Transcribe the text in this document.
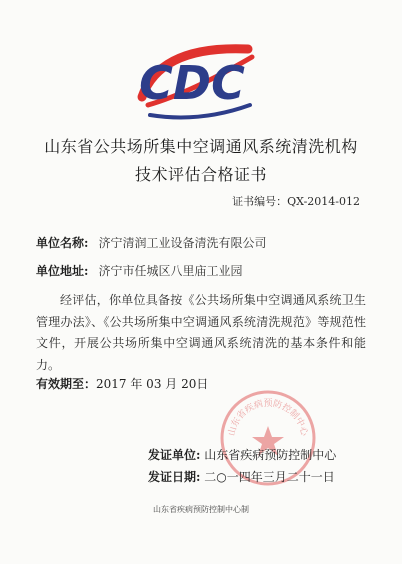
CDC
山东省公共场所集中空调通风系统清洗机构
技术评估合格证书
证书编号：QX-2014-012
单位名称: 济宁清润工业设备清洗有限公司
单位地址: 济宁市任城区八里庙工业园
经评估，你单位具备按《公共场所集中空调通风系统卫生管理办法》、《公共场所集中空调通风系统清洗规范》等规范性文件，开展公共场所集中空调通风系统清洗的基本条件和能力。
有效期至：2017 年 03 月 20日
山东省疾病预防控制中心
发证单位: 山东省疾病预防控制中心
发证日期: 二○一四年三月二十一日
山东省疾病预防控制中心制
